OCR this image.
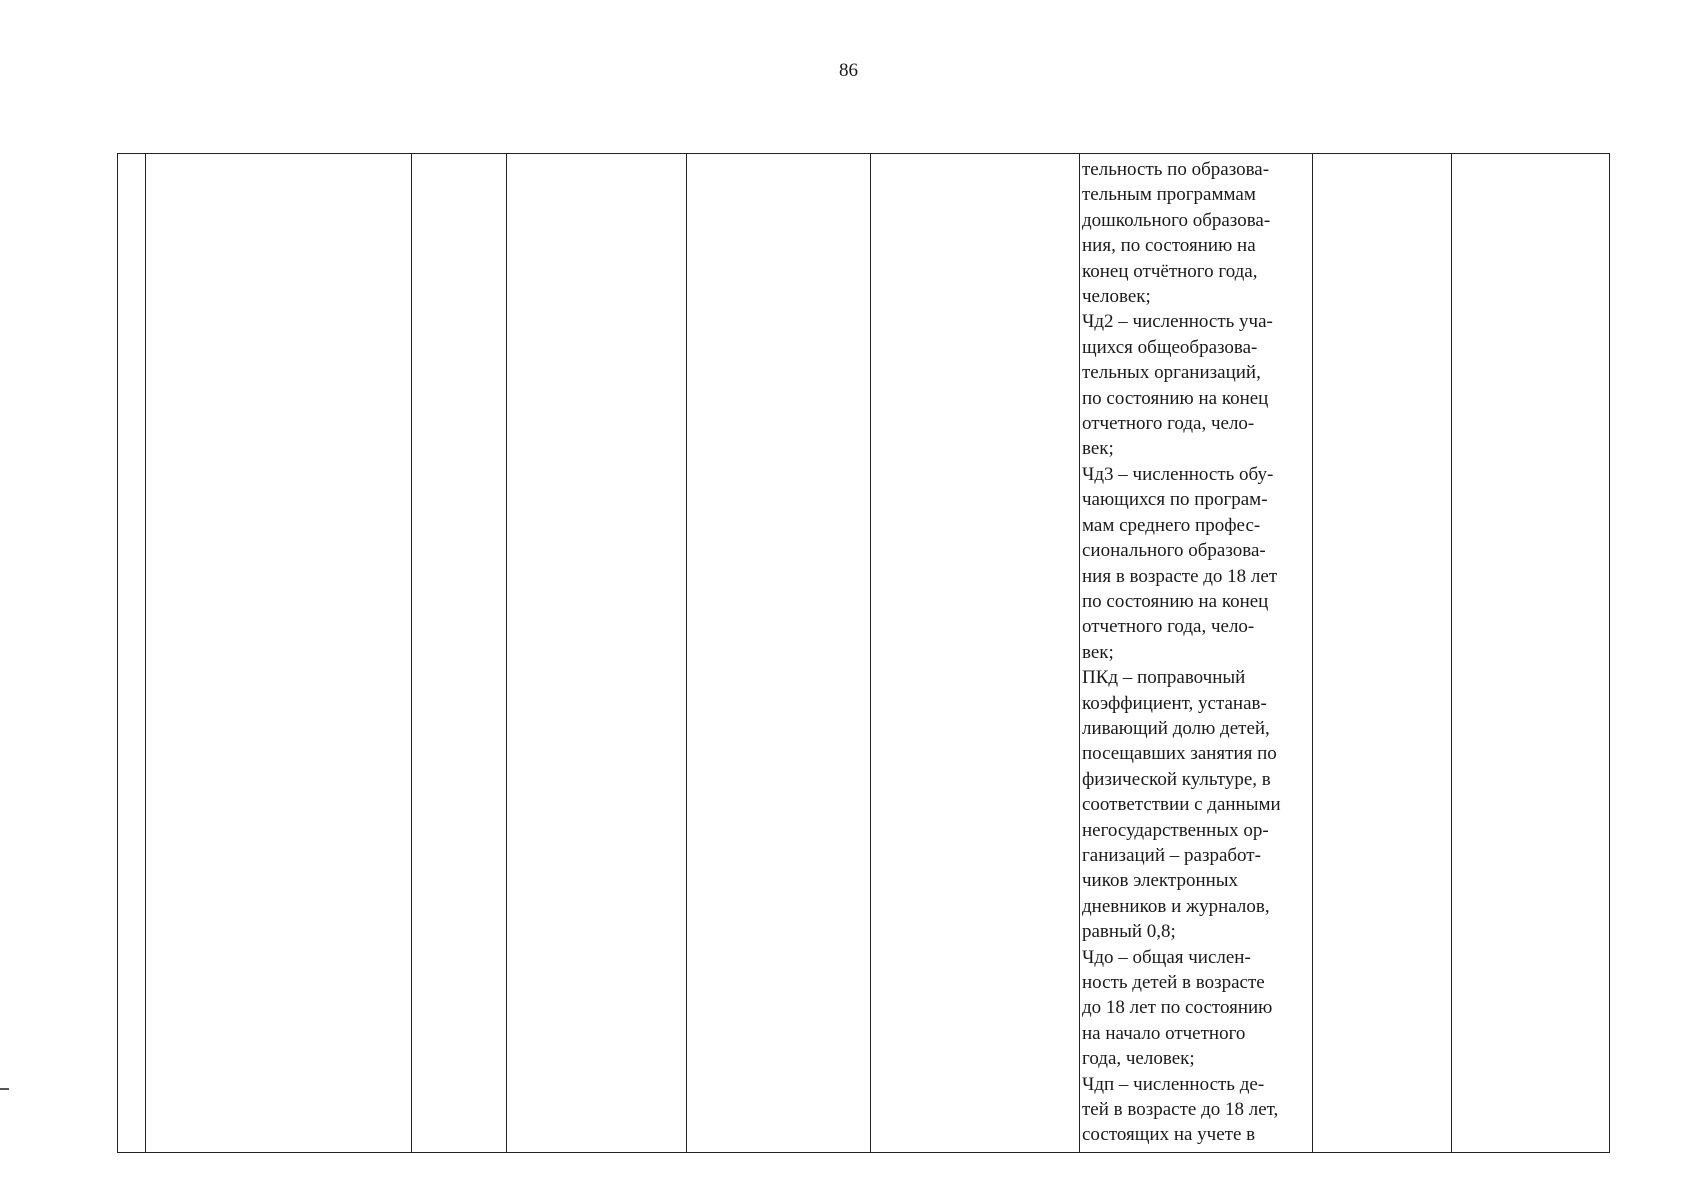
86

тельность по образова-
тельным программам
дошкольного образова-
ния, по состоянию на
конец отчётного года,
человек;
Чд2 – численность уча-
щихся общеобразова-
тельных организаций,
по состоянию на конец
отчетного года, чело-
век;
Чд3 – численность обу-
чающихся по програм-
мам среднего профес-
сионального образова-
ния в возрасте до 18 лет
по состоянию на конец
отчетного года, чело-
век;
ПКд – поправочный
коэффициент, устанав-
ливающий долю детей,
посещавших занятия по
физической культуре, в
соответствии с данными
негосударственных ор-
ганизаций – разработ-
чиков электронных
дневников и журналов,
равный 0,8;
Чдо – общая числен-
ность детей в возрасте
до 18 лет по состоянию
на начало отчетного
года, человек;
Чдп – численность де-
тей в возрасте до 18 лет,
состоящих на учете в
